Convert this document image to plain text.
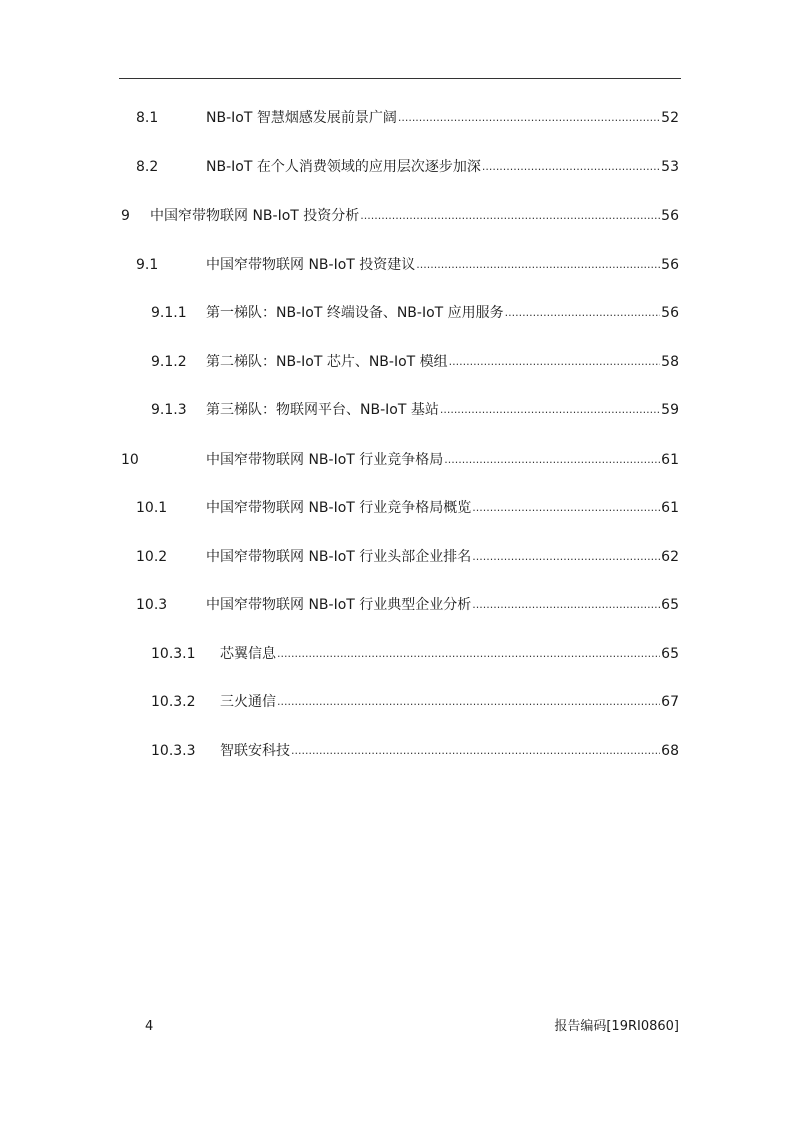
8.1	NB-IoT 智慧烟感发展前景广阔 .....	52
8.2	NB-IoT 在个人消费领域的应用层次逐步加深 .....	53
9	中国窄带物联网 NB-IoT 投资分析 .....	56
9.1	中国窄带物联网 NB-IoT 投资建议 .....	56
9.1.1	第一梯队：NB-IoT 终端设备、NB-IoT 应用服务 .....	56
9.1.2	第二梯队：NB-IoT 芯片、NB-IoT 模组 .....	58
9.1.3	第三梯队：物联网平台、NB-IoT 基站 .....	59
10	中国窄带物联网 NB-IoT 行业竞争格局 .....	61
10.1	中国窄带物联网 NB-IoT 行业竞争格局概览 .....	61
10.2	中国窄带物联网 NB-IoT 行业头部企业排名 .....	62
10.3	中国窄带物联网 NB-IoT 行业典型企业分析 .....	65
10.3.1	芯翼信息 .....	65
10.3.2	三火通信 .....	67
10.3.3	智联安科技 .....	68
4	报告编码[19RI0860]
